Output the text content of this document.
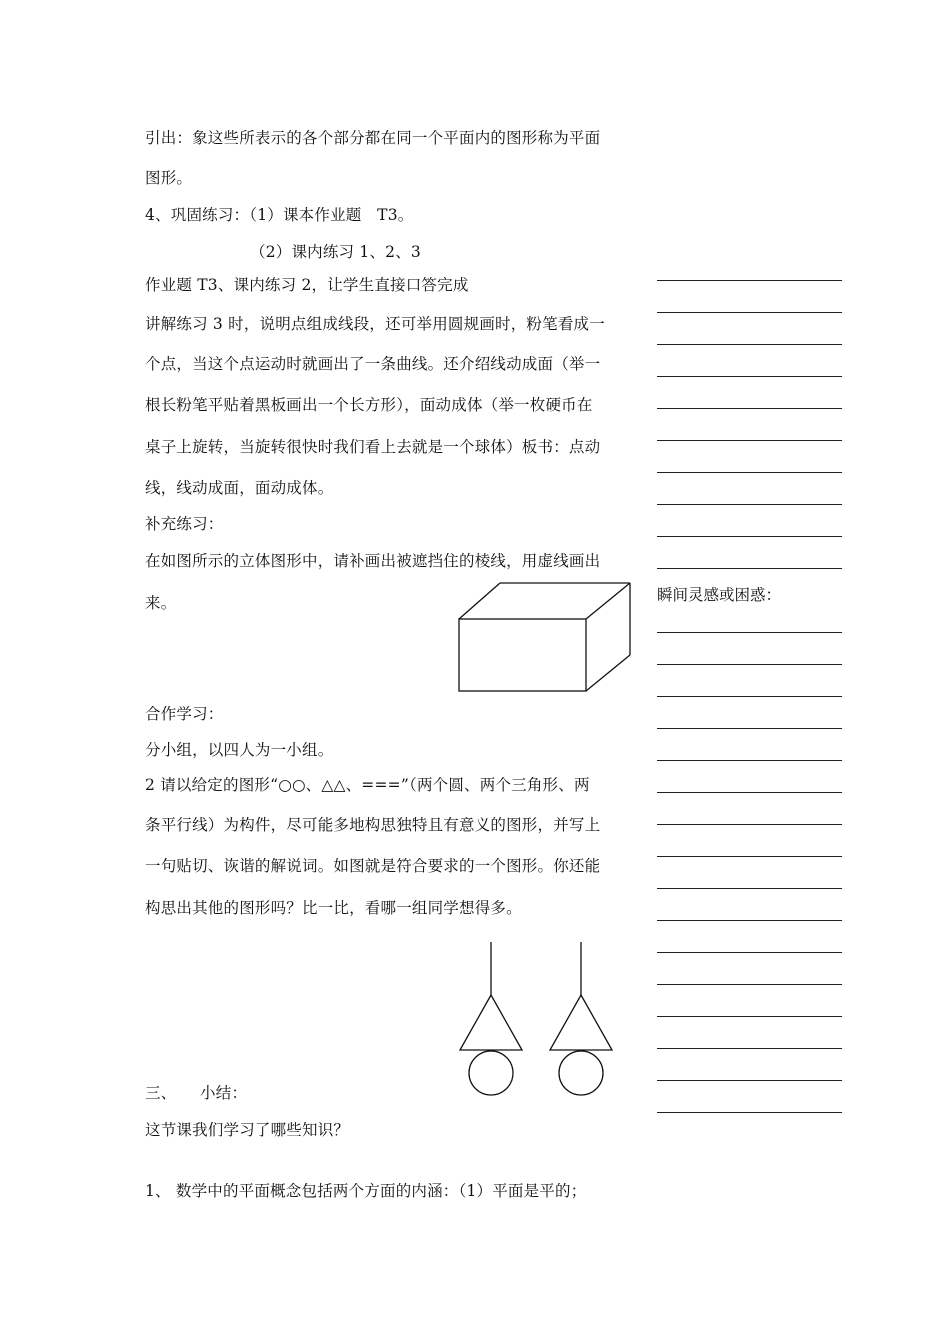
引出：象这些所表示的各个部分都在同一个平面内的图形称为平面
图形。
4、巩固练习：（1）课本作业题　T3。
（2）课内练习 1、2、3
作业题 T3、课内练习 2，让学生直接口答完成
讲解练习 3 时，说明点组成线段，还可举用圆规画时，粉笔看成一
个点，当这个点运动时就画出了一条曲线。还介绍线动成面（举一
根长粉笔平贴着黑板画出一个长方形），面动成体（举一枚硬币在
桌子上旋转，当旋转很快时我们看上去就是一个球体）板书：点动
线，线动成面，面动成体。
补充练习：
在如图所示的立体图形中，请补画出被遮挡住的棱线，用虚线画出
来。
合作学习：
分小组，以四人为一小组。
2 请以给定的图形“○○、△△、===”（两个圆、两个三角形、两
条平行线）为构件，尽可能多地构思独特且有意义的图形，并写上
一句贴切、诙谐的解说词。如图就是符合要求的一个图形。你还能
构思出其他的图形吗？比一比，看哪一组同学想得多。
三、　　小结：
这节课我们学习了哪些知识？
1、 数学中的平面概念包括两个方面的内涵：（1）平面是平的；
瞬间灵感或困惑：
